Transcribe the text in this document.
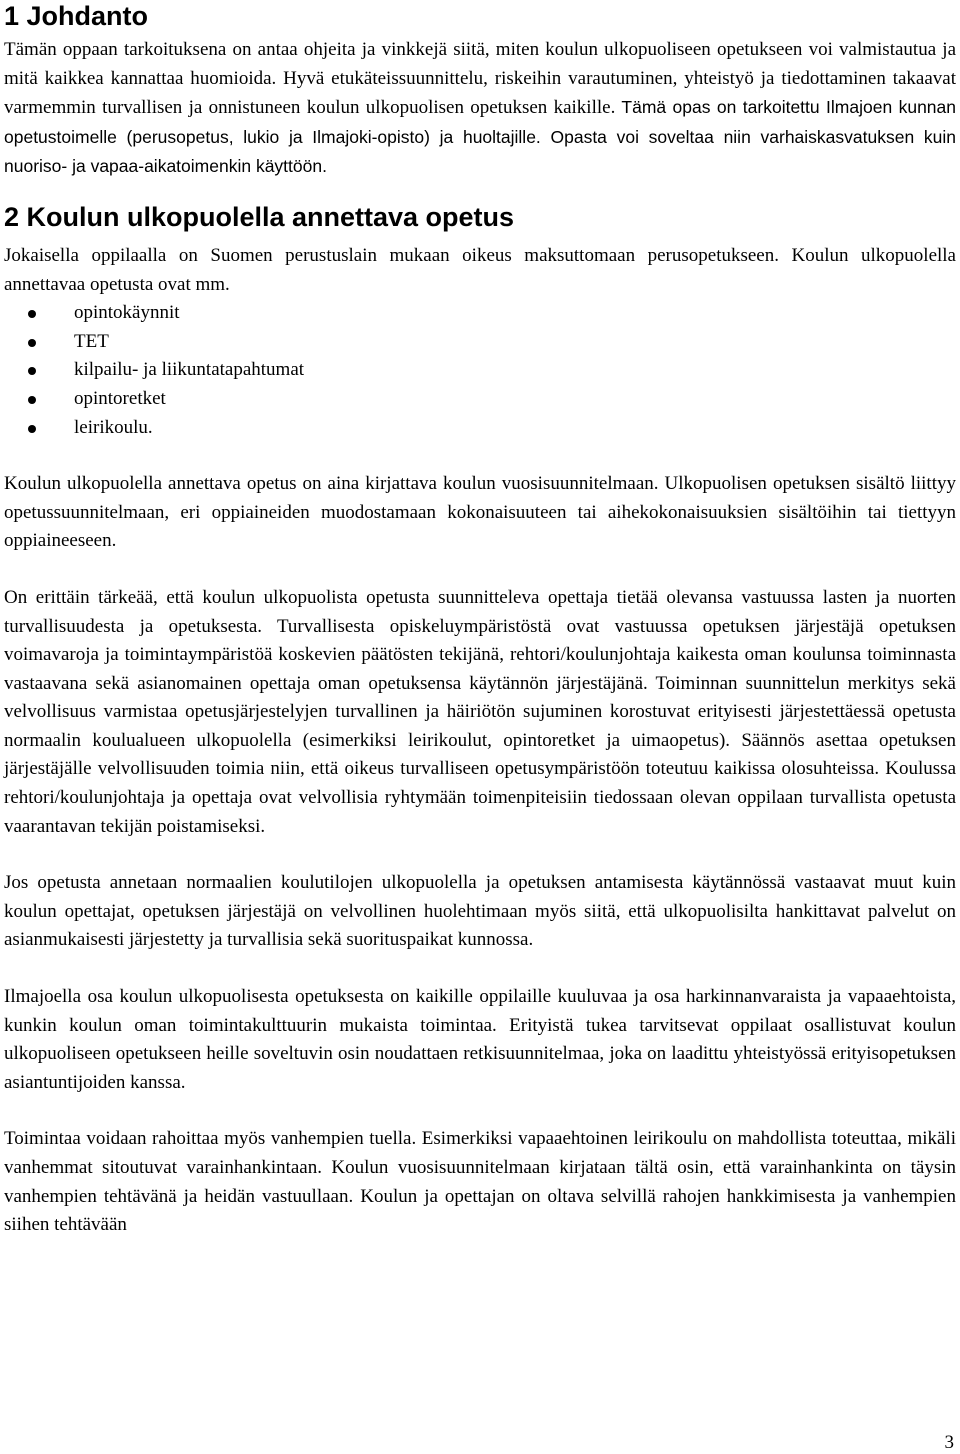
1 Johdanto

Tämän oppaan tarkoituksena on antaa ohjeita ja vinkkejä siitä, miten koulun ulkopuoliseen opetukseen voi valmistautua ja mitä kaikkea kannattaa huomioida. Hyvä etukäteissuunnittelu, riskeihin varautuminen, yhteistyö ja tiedottaminen takaavat varmemmin turvallisen ja onnistuneen koulun ulkopuolisen opetuksen kaikille. Tämä opas on tarkoitettu Ilmajoen kunnan opetustoimelle (perusopetus, lukio ja Ilmajoki-opisto) ja huoltajille. Opasta voi soveltaa niin varhaiskasvatuksen kuin nuoriso- ja vapaa-aikatoimenkin käyttöön.

2 Koulun ulkopuolella annettava opetus

Jokaisella oppilaalla on Suomen perustuslain mukaan oikeus maksuttomaan perusopetukseen. Koulun ulkopuolella annettavaa opetusta ovat mm.

opintokäynnit
TET
kilpailu- ja liikuntatapahtumat
opintoretket
leirikoulu.

Koulun ulkopuolella annettava opetus on aina kirjattava koulun vuosisuunnitelmaan. Ulkopuolisen opetuksen sisältö liittyy opetussuunnitelmaan, eri oppiaineiden muodostamaan kokonaisuuteen tai aihekokonaisuuksien sisältöihin tai tiettyyn oppiaineeseen.

On erittäin tärkeää, että koulun ulkopuolista opetusta suunnitteleva opettaja tietää olevansa vastuussa lasten ja nuorten turvallisuudesta ja opetuksesta. Turvallisesta opiskeluympäristöstä ovat vastuussa opetuksen järjestäjä opetuksen voimavaroja ja toimintaympäristöä koskevien päätösten tekijänä, rehtori/koulunjohtaja kaikesta oman koulunsa toiminnasta vastaavana sekä asianomainen opettaja oman opetuksensa käytännön järjestäjänä. Toiminnan suunnittelun merkitys sekä velvollisuus varmistaa opetusjärjestelyjen turvallinen ja häiriötön sujuminen korostuvat erityisesti järjestettäessä opetusta normaalin koulualueen ulkopuolella (esimerkiksi leirikoulut, opintoretket ja uimaopetus). Säännös asettaa opetuksen järjestäjälle velvollisuuden toimia niin, että oikeus turvalliseen opetusympäristöön toteutuu kaikissa olosuhteissa. Koulussa rehtori/koulunjohtaja ja opettaja ovat velvollisia ryhtymään toimenpiteisiin tiedossaan olevan oppilaan turvallista opetusta vaarantavan tekijän poistamiseksi.

Jos opetusta annetaan normaalien koulutilojen ulkopuolella ja opetuksen antamisesta käytännössä vastaavat muut kuin koulun opettajat, opetuksen järjestäjä on velvollinen huolehtimaan myös siitä, että ulkopuolisilta hankittavat palvelut on asianmukaisesti järjestetty ja turvallisia sekä suorituspaikat kunnossa.

Ilmajoella osa koulun ulkopuolisesta opetuksesta on kaikille oppilaille kuuluvaa ja osa harkinnanvaraista ja vapaaehtoista, kunkin koulun oman toimintakulttuurin mukaista toimintaa. Erityistä tukea tarvitsevat oppilaat osallistuvat koulun ulkopuoliseen opetukseen heille soveltuvin osin noudattaen retkisuunnitelmaa, joka on laadittu yhteistyössä erityisopetuksen asiantuntijoiden kanssa.

Toimintaa voidaan rahoittaa myös vanhempien tuella. Esimerkiksi vapaaehtoinen leirikoulu on mahdollista toteuttaa, mikäli vanhemmat sitoutuvat varainhankintaan. Koulun vuosisuunnitelmaan kirjataan tältä osin, että varainhankinta on täysin vanhempien tehtävänä ja heidän vastuullaan. Koulun ja opettajan on oltava selvillä rahojen hankkimisesta ja vanhempien siihen tehtävään

3
